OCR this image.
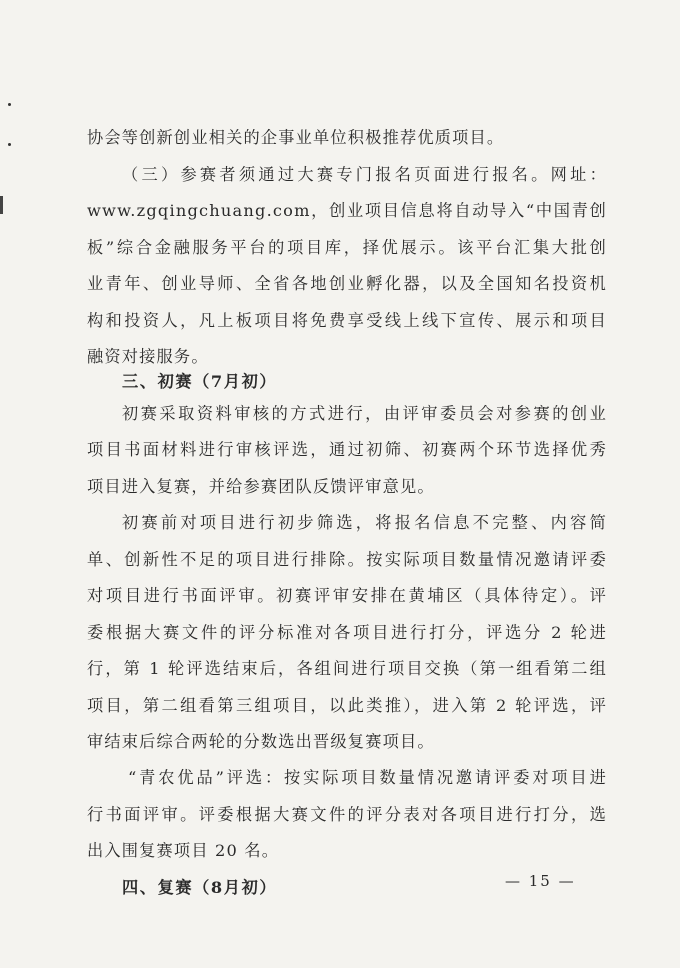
协会等创新创业相关的企事业单位积极推荐优质项目。
（三）参赛者须通过大赛专门报名页面进行报名。网址：
www.zgqingchuang.com，创业项目信息将自动导入“中国青创
板”综合金融服务平台的项目库，择优展示。该平台汇集大批创
业青年、创业导师、全省各地创业孵化器，以及全国知名投资机
构和投资人，凡上板项目将免费享受线上线下宣传、展示和项目
融资对接服务。
三、初赛（7月初）
初赛采取资料审核的方式进行，由评审委员会对参赛的创业
项目书面材料进行审核评选，通过初筛、初赛两个环节选择优秀
项目进入复赛，并给参赛团队反馈评审意见。
初赛前对项目进行初步筛选，将报名信息不完整、内容简
单、创新性不足的项目进行排除。按实际项目数量情况邀请评委
对项目进行书面评审。初赛评审安排在黄埔区（具体待定）。评
委根据大赛文件的评分标准对各项目进行打分，评选分 2 轮进
行，第 1 轮评选结束后，各组间进行项目交换（第一组看第二组
项目，第二组看第三组项目，以此类推），进入第 2 轮评选，评
审结束后综合两轮的分数选出晋级复赛项目。
“青农优品”评选：按实际项目数量情况邀请评委对项目进
行书面评审。评委根据大赛文件的评分表对各项目进行打分，选
出入围复赛项目 20 名。
四、复赛（8月初）	— 15 —
